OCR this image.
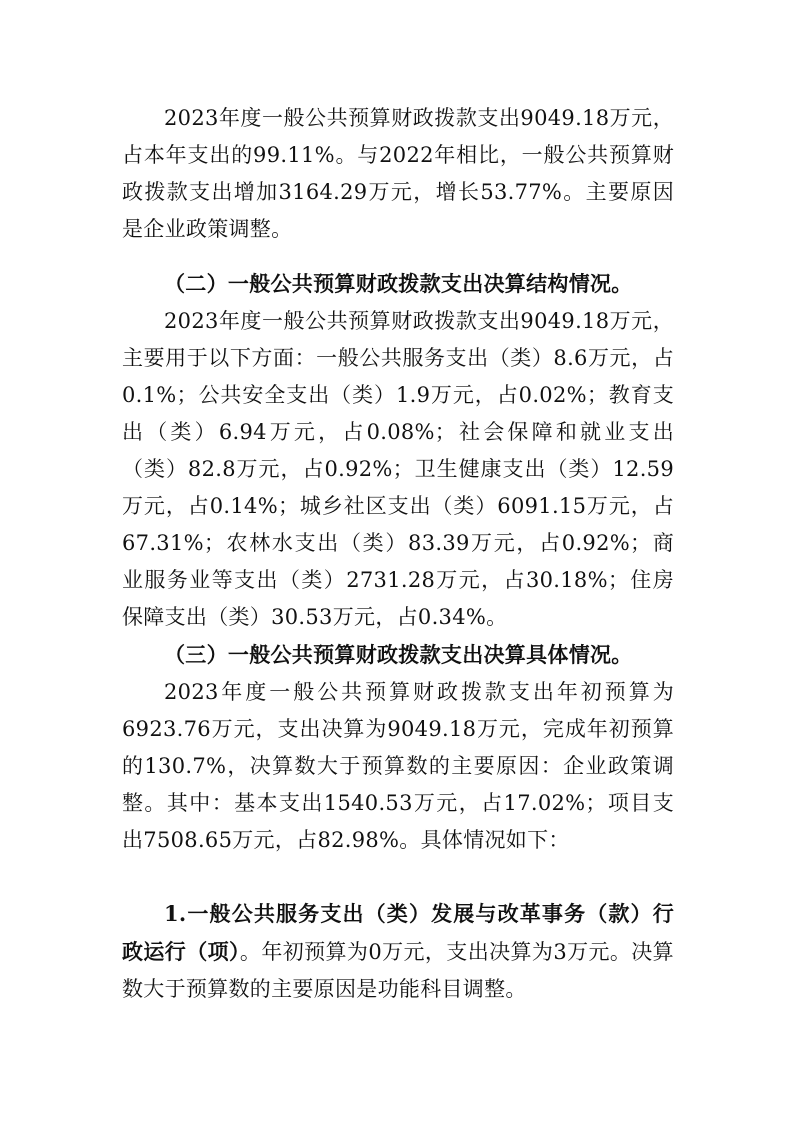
2023年度一般公共预算财政拨款支出9049.18万元，占本年支出的99.11%。与2022年相比，一般公共预算财政拨款支出增加3164.29万元，增长53.77%。主要原因是企业政策调整。

（二）一般公共预算财政拨款支出决算结构情况。

2023年度一般公共预算财政拨款支出9049.18万元，主要用于以下方面：一般公共服务支出（类）8.6万元，占0.1%；公共安全支出（类）1.9万元，占0.02%；教育支出（类）6.94万元，占0.08%；社会保障和就业支出（类）82.8万元，占0.92%；卫生健康支出（类）12.59万元，占0.14%；城乡社区支出（类）6091.15万元，占67.31%；农林水支出（类）83.39万元，占0.92%；商业服务业等支出（类）2731.28万元，占30.18%；住房保障支出（类）30.53万元，占0.34%。

（三）一般公共预算财政拨款支出决算具体情况。

2023年度一般公共预算财政拨款支出年初预算为6923.76万元，支出决算为9049.18万元，完成年初预算的130.7%，决算数大于预算数的主要原因：企业政策调整。其中：基本支出1540.53万元，占17.02%；项目支出7508.65万元，占82.98%。具体情况如下：

1.一般公共服务支出（类）发展与改革事务（款）行政运行（项）。年初预算为0万元，支出决算为3万元。决算数大于预算数的主要原因是功能科目调整。
